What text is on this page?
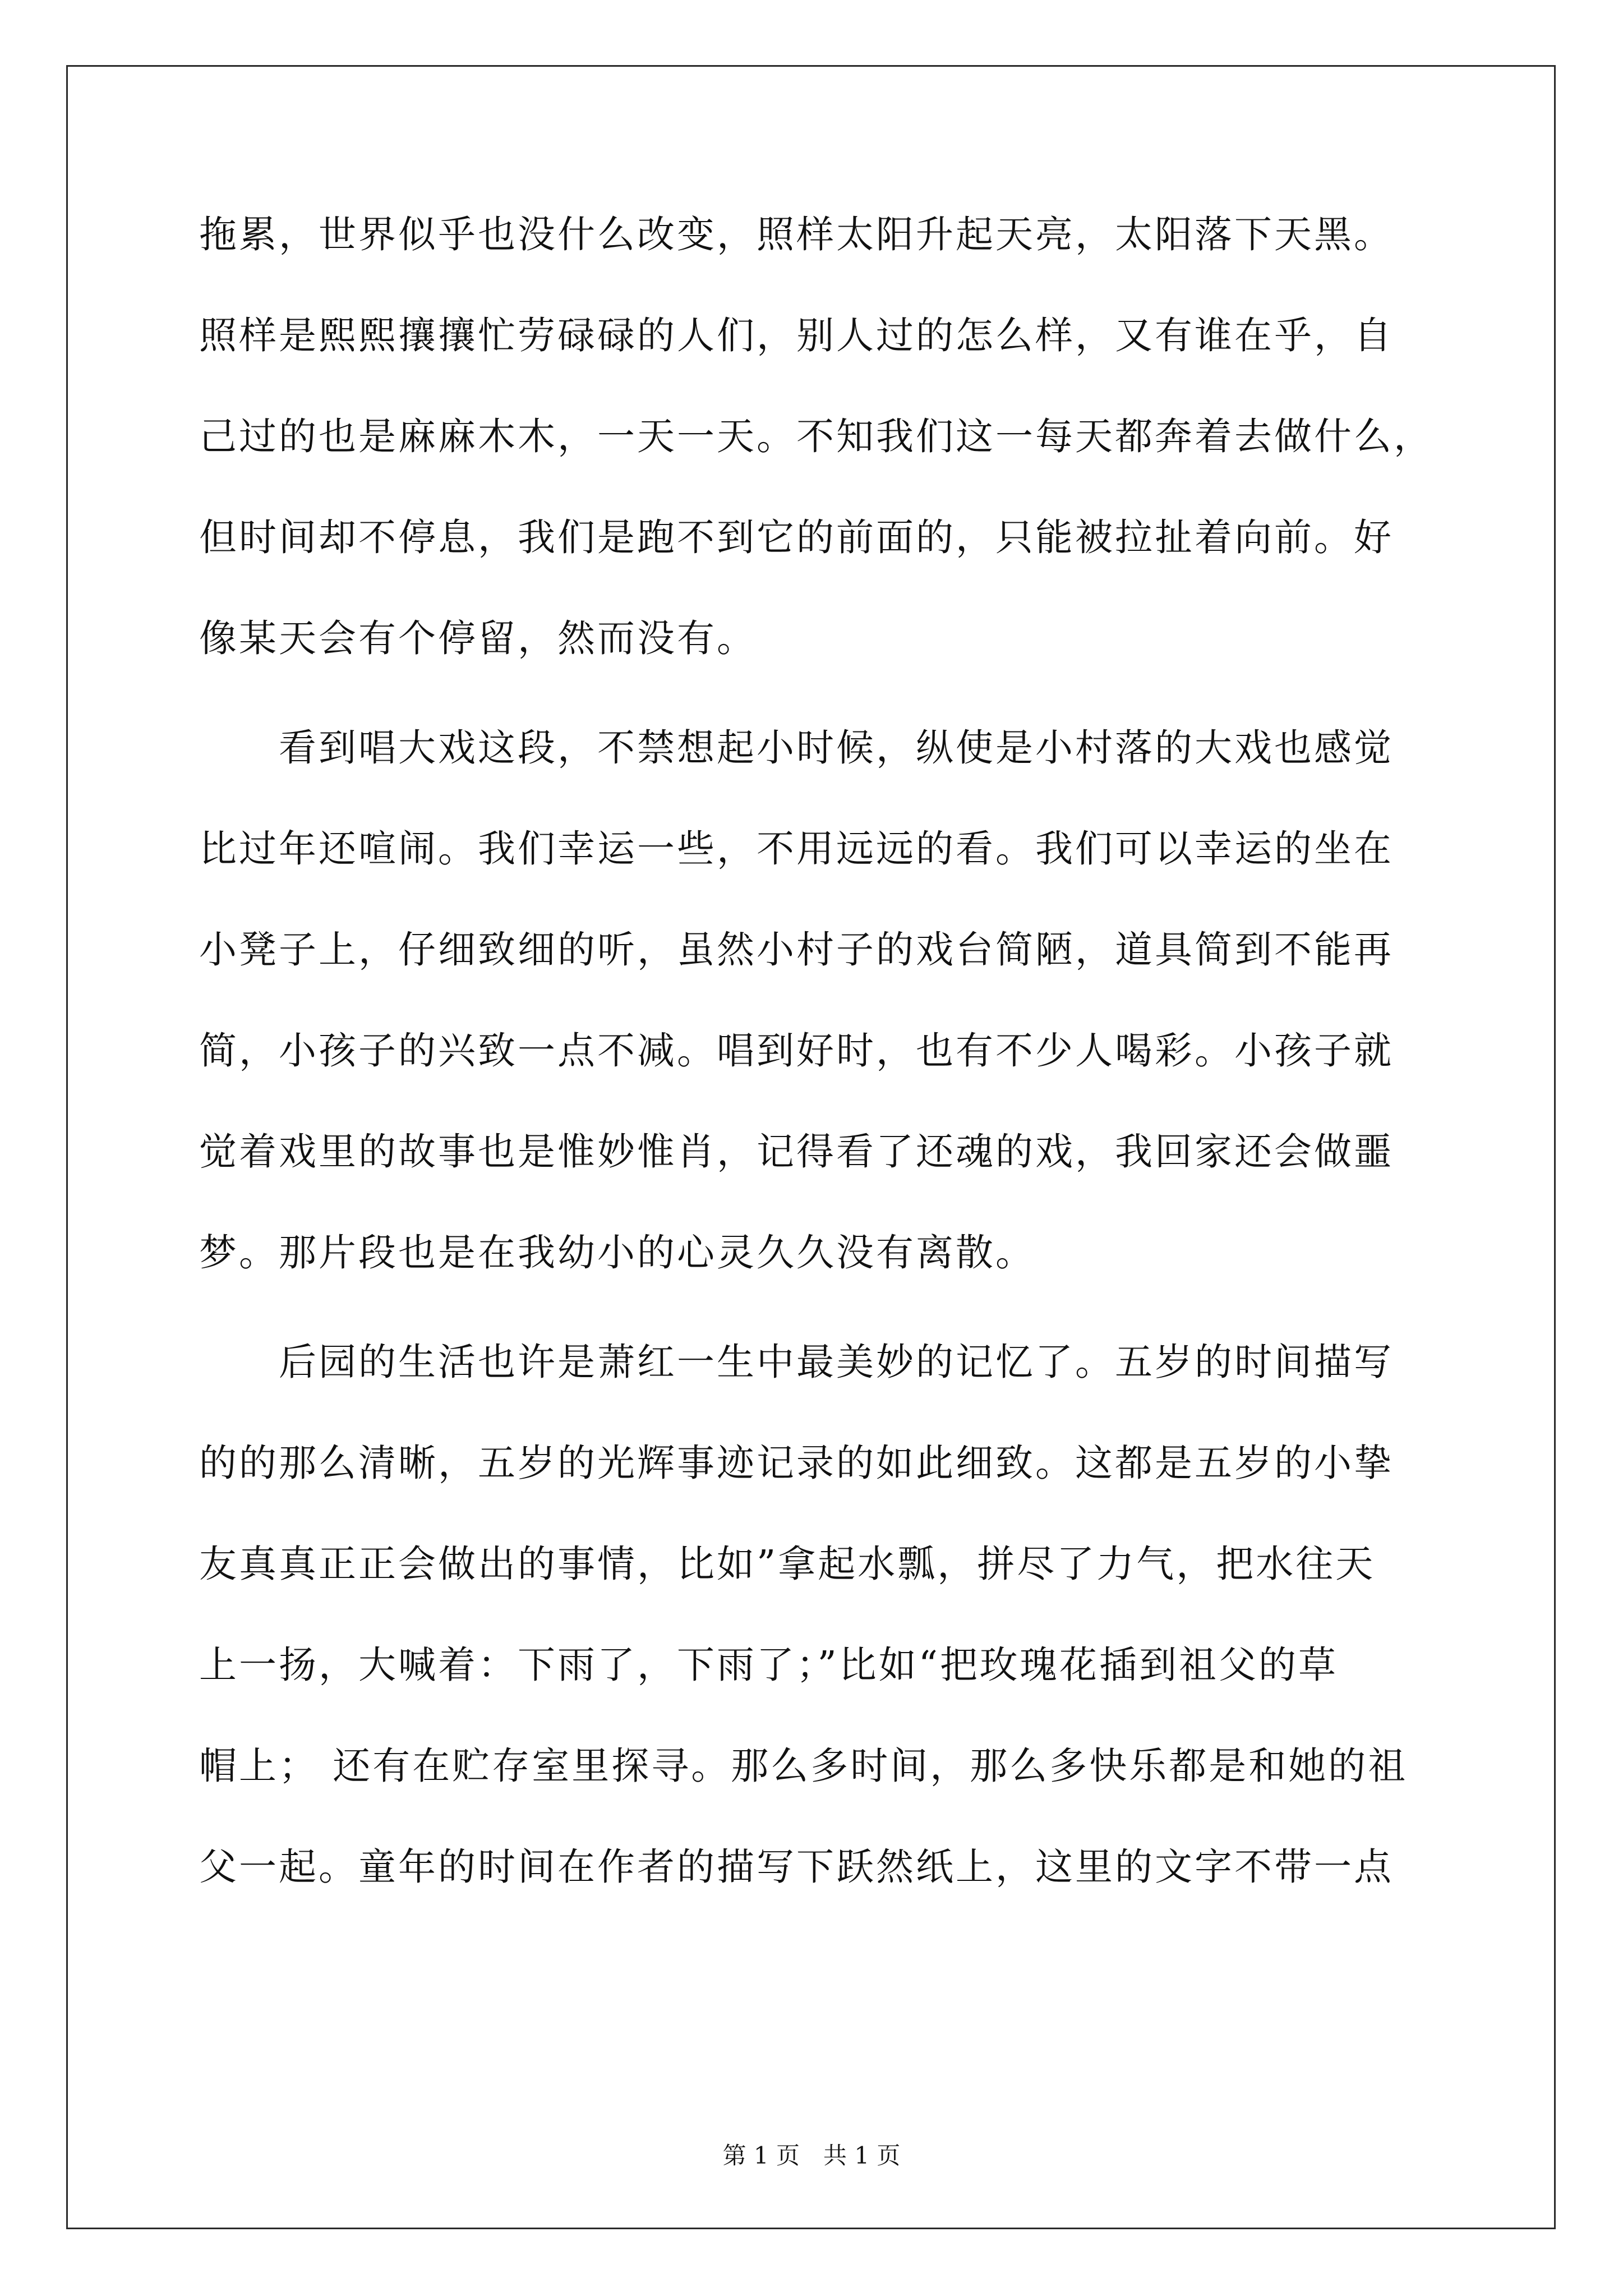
拖累，世界似乎也没什么改变，照样太阳升起天亮，太阳落下天黑。
照样是熙熙攘攘忙劳碌碌的人们，别人过的怎么样，又有谁在乎，自
己过的也是麻麻木木，一天一天。不知我们这一每天都奔着去做什么，
但时间却不停息，我们是跑不到它的前面的，只能被拉扯着向前。好
像某天会有个停留，然而没有。
　　看到唱大戏这段，不禁想起小时候，纵使是小村落的大戏也感觉
比过年还喧闹。我们幸运一些，不用远远的看。我们可以幸运的坐在
小凳子上，仔细致细的听，虽然小村子的戏台简陋，道具简到不能再
简，小孩子的兴致一点不减。唱到好时，也有不少人喝彩。小孩子就
觉着戏里的故事也是惟妙惟肖，记得看了还魂的戏，我回家还会做噩
梦。那片段也是在我幼小的心灵久久没有离散。
　　后园的生活也许是萧红一生中最美妙的记忆了。五岁的时间描写
的的那么清晰，五岁的光辉事迹记录的如此细致。这都是五岁的小挚
友真真正正会做出的事情，比如”拿起水瓢，拼尽了力气，把水往天
上一扬，大喊着：下雨了，下雨了；”比如“把玫瑰花插到祖父的草
帽上； 还有在贮存室里探寻。那么多时间，那么多快乐都是和她的祖
父一起。童年的时间在作者的描写下跃然纸上，这里的文字不带一点
第 1 页　共 1 页
